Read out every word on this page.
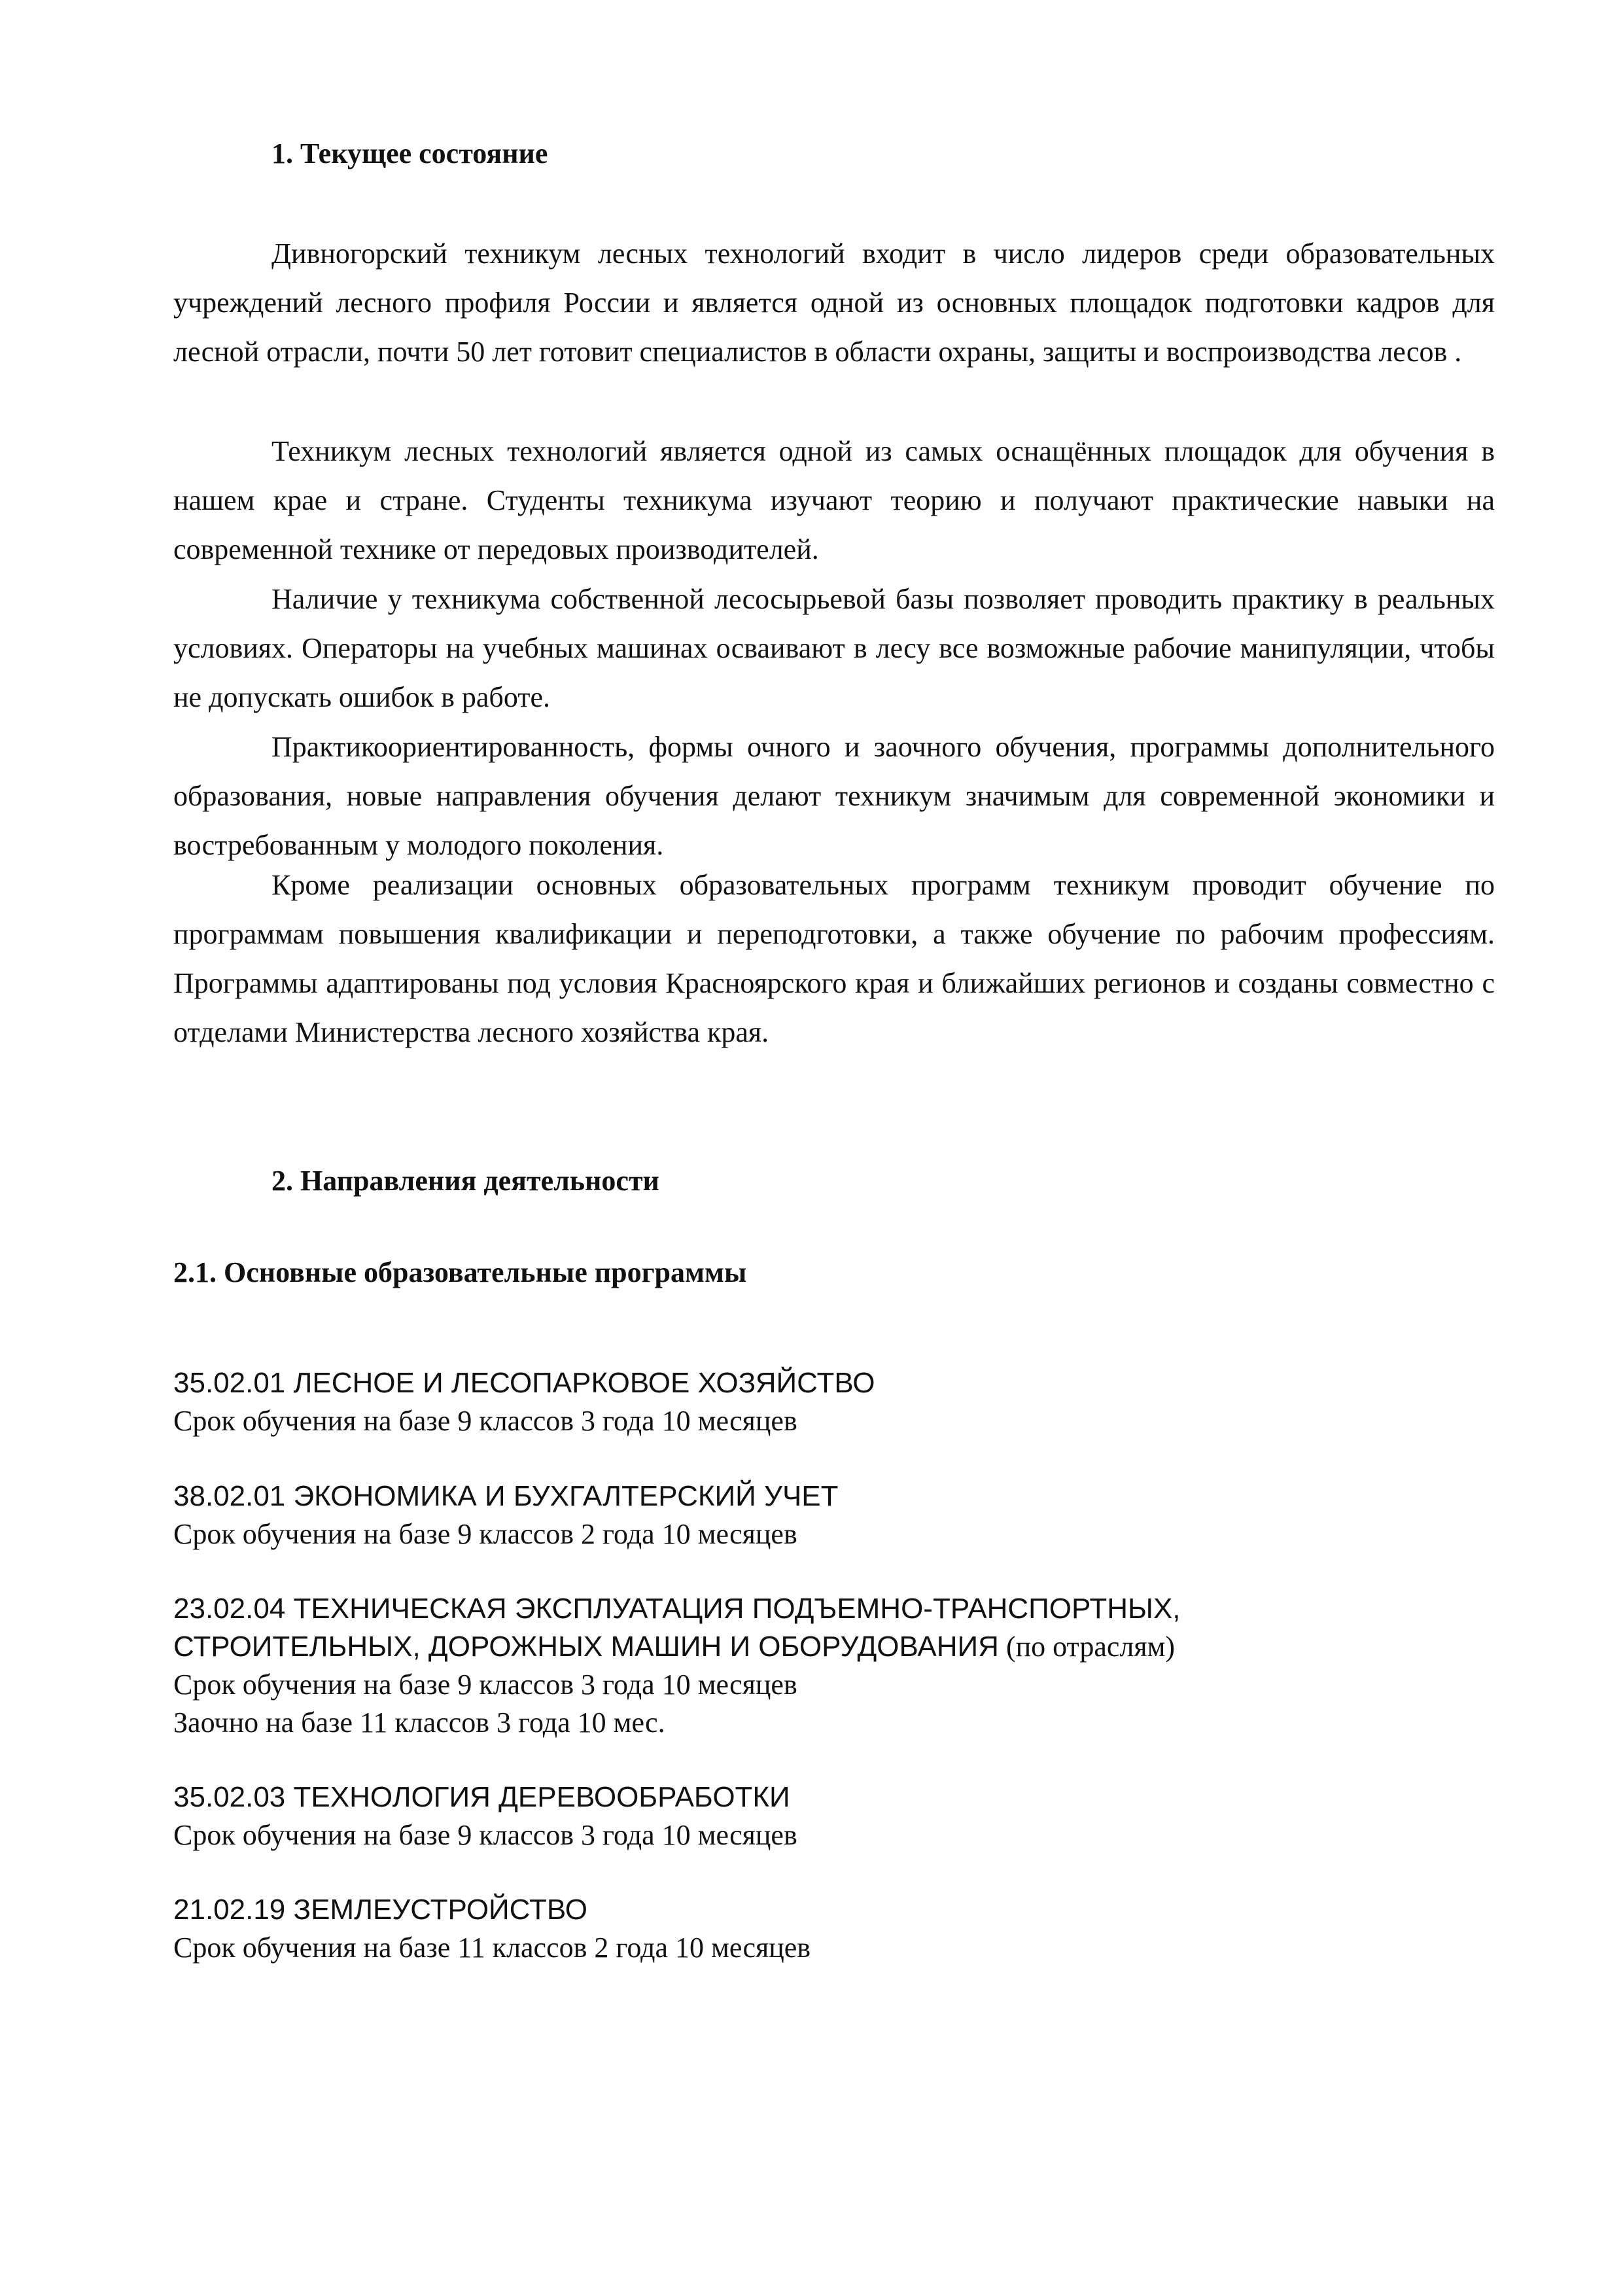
1. Текущее состояние
Дивногорский техникум лесных технологий входит в число лидеров среди образовательных учреждений лесного профиля России и является одной из основных площадок подготовки кадров для лесной отрасли, почти 50 лет готовит специалистов в области охраны, защиты и воспроизводства лесов .
Техникум лесных технологий является одной из самых оснащённых площадок для обучения в нашем крае и стране. Студенты техникума изучают теорию и получают практические навыки на современной технике от передовых производителей.
Наличие у техникума собственной лесосырьевой базы позволяет проводить практику в реальных условиях. Операторы на учебных машинах осваивают в лесу все возможные рабочие манипуляции, чтобы не допускать ошибок в работе.
Практикоориентированность, формы очного и заочного обучения, программы дополнительного образования, новые направления обучения делают техникум значимым для современной экономики и востребованным у молодого поколения.
Кроме реализации основных образовательных программ техникум проводит обучение по программам повышения квалификации и переподготовки, а также обучение по рабочим профессиям. Программы адаптированы под условия Красноярского края и ближайших регионов и созданы совместно с отделами Министерства лесного хозяйства края.
2. Направления деятельности
2.1. Основные образовательные программы
35.02.01 ЛЕСНОЕ И ЛЕСОПАРКОВОЕ ХОЗЯЙСТВО
Срок обучения на базе 9 классов 3 года 10 месяцев
38.02.01 ЭКОНОМИКА И БУХГАЛТЕРСКИЙ УЧЕТ
Срок обучения на базе 9 классов 2 года 10 месяцев
23.02.04 ТЕХНИЧЕСКАЯ ЭКСПЛУАТАЦИЯ ПОДЪЕМНО-ТРАНСПОРТНЫХ,
СТРОИТЕЛЬНЫХ, ДОРОЖНЫХ МАШИН И ОБОРУДОВАНИЯ (по отраслям)
Срок обучения на базе 9 классов 3 года 10 месяцев
Заочно на базе 11 классов 3 года 10 мес.
35.02.03 ТЕХНОЛОГИЯ ДЕРЕВООБРАБОТКИ
Срок обучения на базе 9 классов 3 года 10 месяцев
21.02.19 ЗЕМЛЕУСТРОЙСТВО
Срок обучения на базе 11 классов 2 года 10 месяцев
